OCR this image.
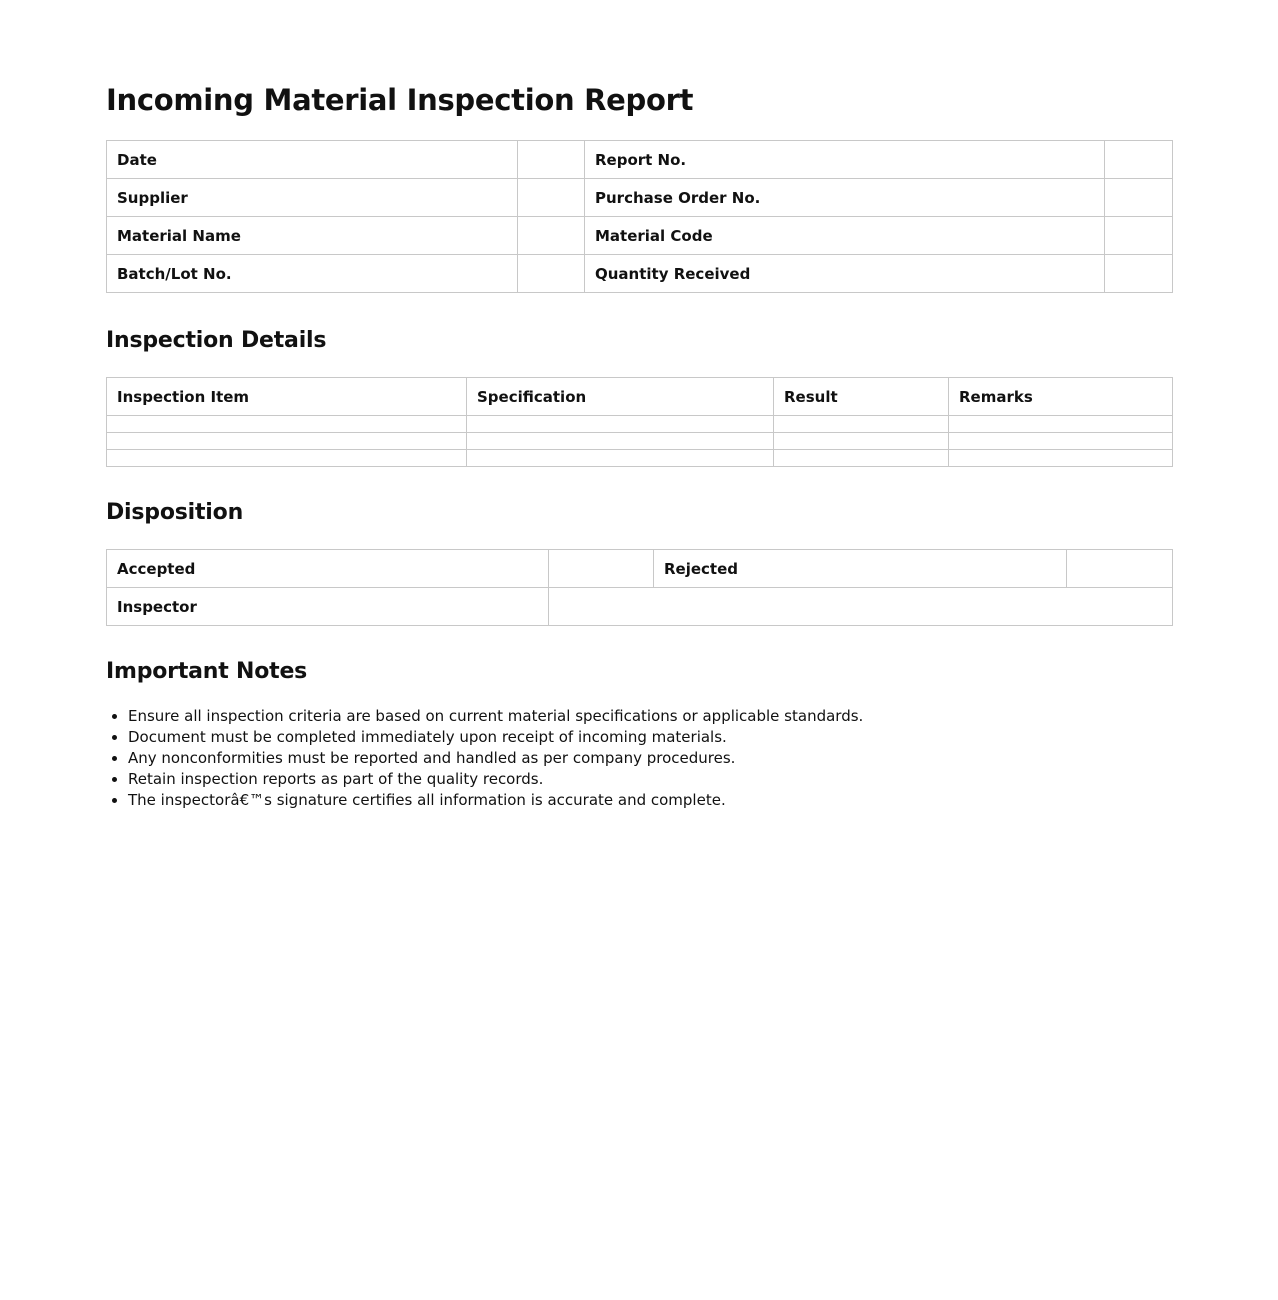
Incoming Material Inspection Report
Date		Report No.	
Supplier		Purchase Order No.	
Material Name		Material Code	
Batch/Lot No.		Quantity Received	
Inspection Details
Inspection Item	Specification	Result	Remarks

Disposition
Accepted		Rejected	
Inspector			
Important Notes
• Ensure all inspection criteria are based on current material specifications or applicable standards.
• Document must be completed immediately upon receipt of incoming materials.
• Any nonconformities must be reported and handled as per company procedures.
• Retain inspection reports as part of the quality records.
• The inspectorâ€™s signature certifies all information is accurate and complete.
